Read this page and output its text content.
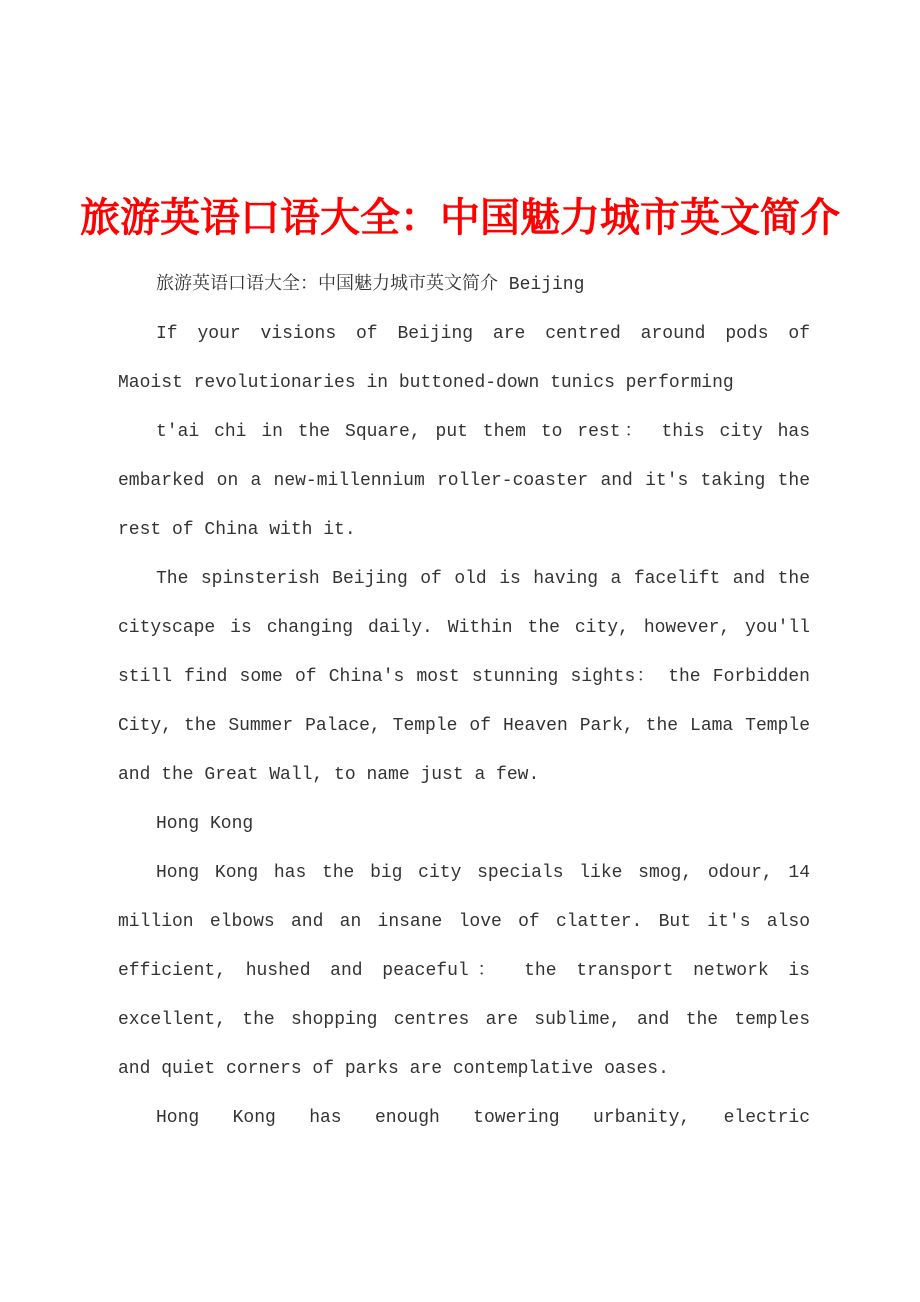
旅游英语口语大全：中国魅力城市英文简介
旅游英语口语大全：中国魅力城市英文简介 Beijing
If your visions of Beijing are centred around pods of
Maoist revolutionaries in buttoned-down tunics performing
t'ai chi in the Square, put them to rest： this city has
embarked on a new-millennium roller-coaster and it's taking the
rest of China with it.
The spinsterish Beijing of old is having a facelift and the
cityscape is changing daily. Within the city, however, you'll
still find some of China's most stunning sights： the Forbidden
City, the Summer Palace, Temple of Heaven Park, the Lama Temple
and the Great Wall, to name just a few.
Hong Kong
Hong Kong has the big city specials like smog, odour, 14
million elbows and an insane love of clatter. But it's also
efficient, hushed and peaceful： the transport network is
excellent, the shopping centres are sublime, and the temples
and quiet corners of parks are contemplative oases.
Hong Kong has enough towering urbanity, electric
